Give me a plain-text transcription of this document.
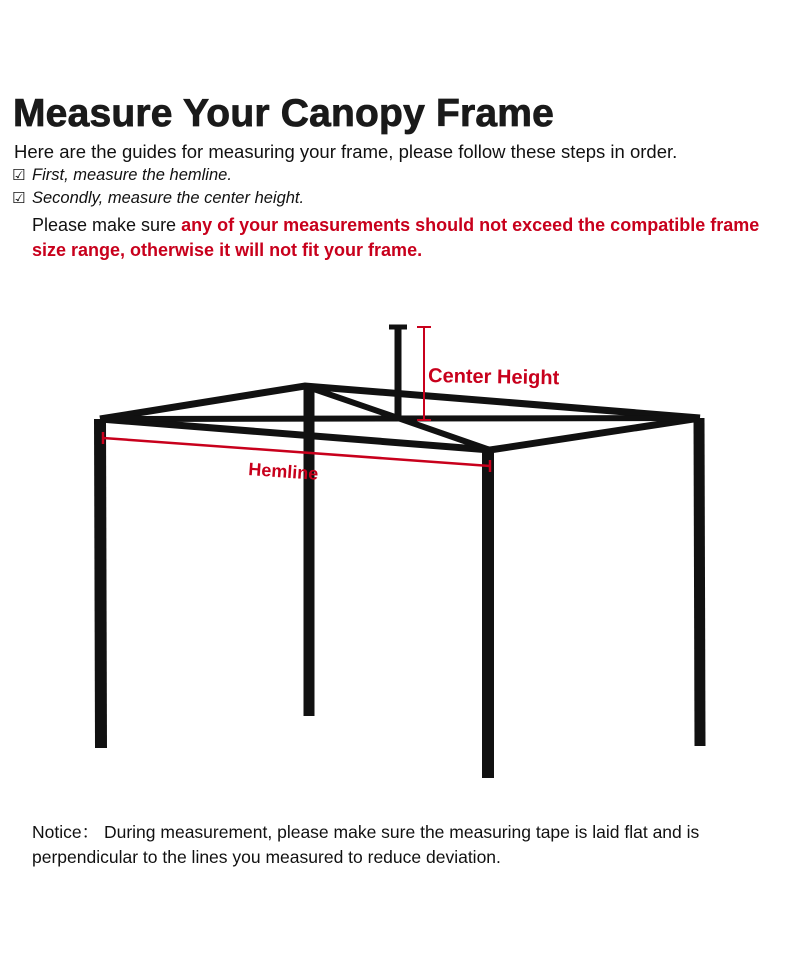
Measure Your Canopy Frame
Here are the guides for measuring your frame, please follow these steps in order.
☑ First, measure the hemline.
☑ Secondly, measure the center height.
Please make sure any of your measurements should not exceed the compatible frame size range, otherwise it will not fit your frame.
Center Height
Hemline
Notice： During measurement, please make sure the measuring tape is laid flat and is perpendicular to the lines you measured to reduce deviation.
